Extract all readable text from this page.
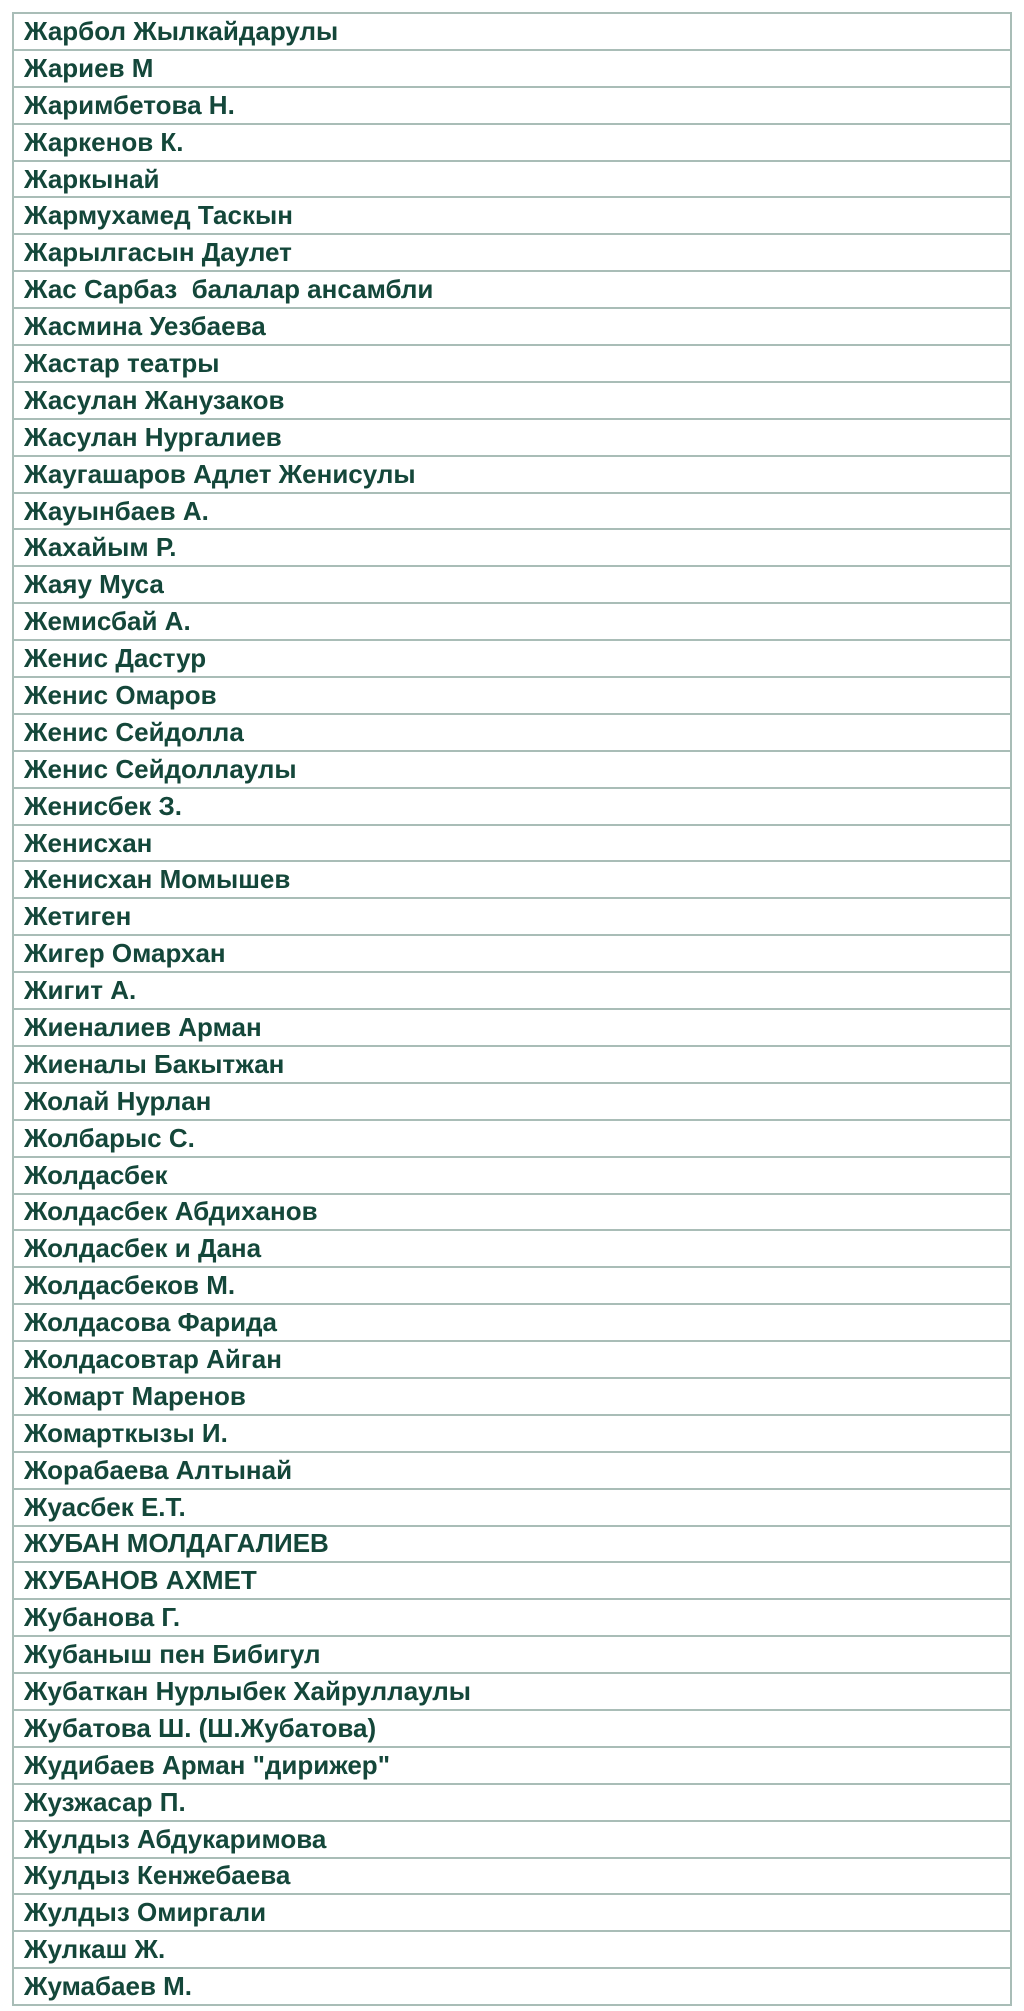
Жарбол Жылкайдарулы
Жариев М
Жаримбетова Н.
Жаркенов К.
Жаркынай
Жармухамед Таскын
Жарылгасын Даулет
Жас Сарбаз  балалар ансамбли
Жасмина Уезбаева
Жастар театры
Жасулан Жанузаков
Жасулан Нургалиев
Жаугашаров Адлет Женисулы
Жауынбаев А.
Жахайым Р.
Жаяу Муса
Жемисбай А.
Женис Дастур
Женис Омаров
Женис Сейдолла
Женис Сейдоллаулы
Женисбек З.
Женисхан
Женисхан Момышев
Жетиген
Жигер Омархан
Жигит А.
Жиеналиев Арман
Жиеналы Бакытжан
Жолай Нурлан
Жолбарыс С.
Жолдасбек
Жолдасбек Абдиханов
Жолдасбек и Дана
Жолдасбеков М.
Жолдасова Фарида
Жолдасовтар Айган
Жомарт Маренов
Жомарткызы И.
Жорабаева Алтынай
Жуасбек Е.Т.
ЖУБАН МОЛДАГАЛИЕВ
ЖУБАНОВ АХМЕТ
Жубанова Г.
Жубаныш пен Бибигул
Жубаткан Нурлыбек Хайруллаулы
Жубатова Ш. (Ш.Жубатова)
Жудибаев Арман "дирижер"
Жузжасар П.
Жулдыз Абдукаримова
Жулдыз Кенжебаева
Жулдыз Омиргали
Жулкаш Ж.
Жумабаев М.
